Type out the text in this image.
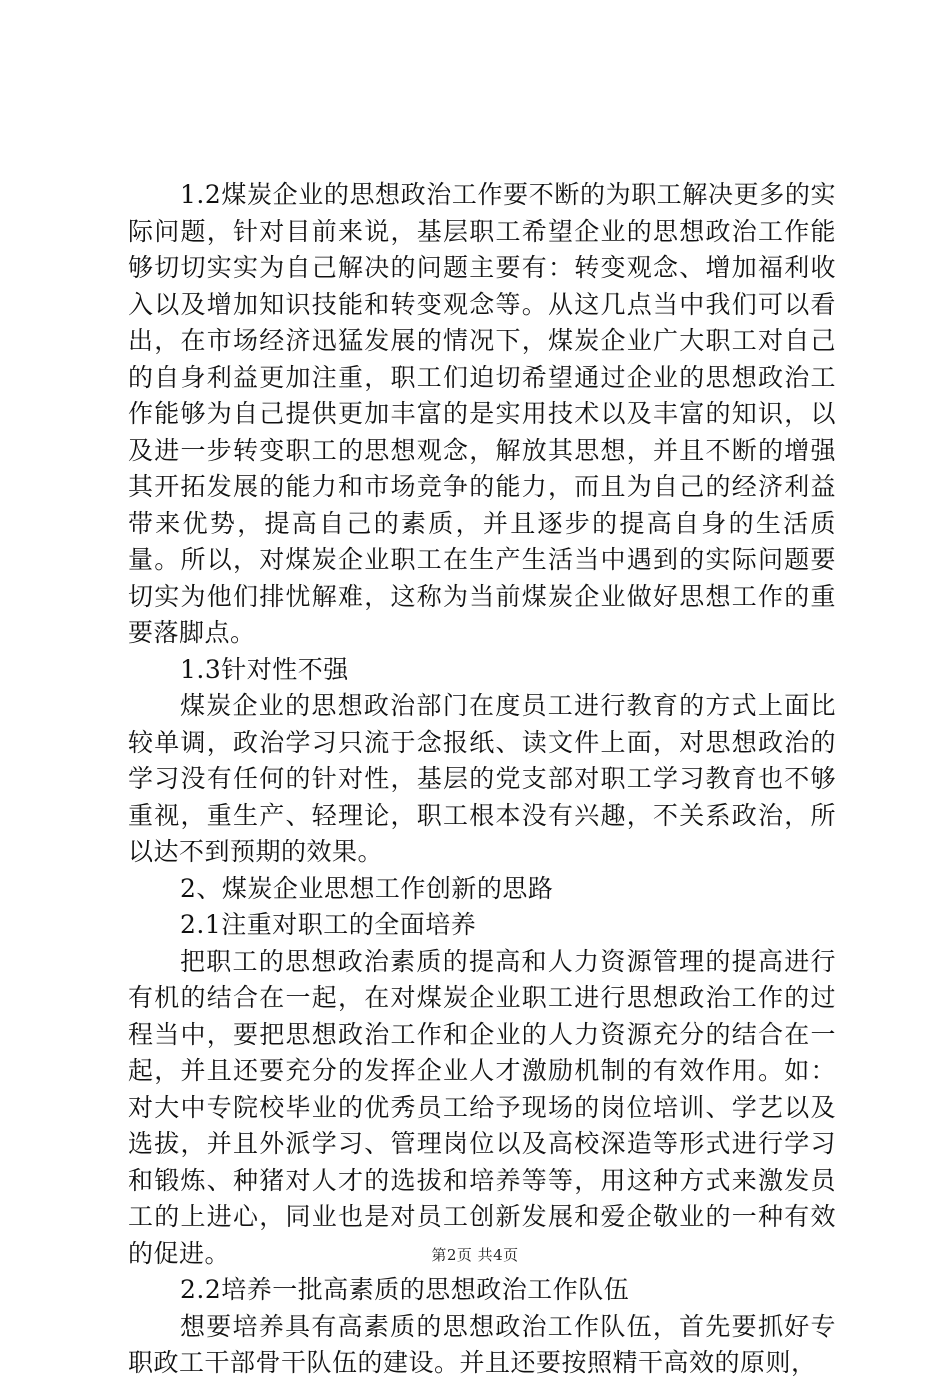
1.2煤炭企业的思想政治工作要不断的为职工解决更多的实际问题，针对目前来说，基层职工希望企业的思想政治工作能够切切实实为自己解决的问题主要有：转变观念、增加福利收入以及增加知识技能和转变观念等。从这几点当中我们可以看出，在市场经济迅猛发展的情况下，煤炭企业广大职工对自己的自身利益更加注重，职工们迫切希望通过企业的思想政治工作能够为自己提供更加丰富的是实用技术以及丰富的知识，以及进一步转变职工的思想观念，解放其思想，并且不断的增强其开拓发展的能力和市场竞争的能力，而且为自己的经济利益带来优势，提高自己的素质，并且逐步的提高自身的生活质量。所以，对煤炭企业职工在生产生活当中遇到的实际问题要切实为他们排忧解难，这称为当前煤炭企业做好思想工作的重要落脚点。

1.3针对性不强

煤炭企业的思想政治部门在度员工进行教育的方式上面比较单调，政治学习只流于念报纸、读文件上面，对思想政治的学习没有任何的针对性，基层的党支部对职工学习教育也不够重视，重生产、轻理论，职工根本没有兴趣，不关系政治，所以达不到预期的效果。

2、煤炭企业思想工作创新的思路

2.1注重对职工的全面培养

把职工的思想政治素质的提高和人力资源管理的提高进行有机的结合在一起，在对煤炭企业职工进行思想政治工作的过程当中，要把思想政治工作和企业的人力资源充分的结合在一起，并且还要充分的发挥企业人才激励机制的有效作用。如：对大中专院校毕业的优秀员工给予现场的岗位培训、学艺以及选拔，并且外派学习、管理岗位以及高校深造等形式进行学习和锻炼、种猪对人才的选拔和培养等等，用这种方式来激发员工的上进心，同业也是对员工创新发展和爱企敬业的一种有效的促进。

2.2培养一批高素质的思想政治工作队伍

想要培养具有高素质的思想政治工作队伍，首先要抓好专职政工干部骨干队伍的建设。并且还要按照精干高效的原则，

第2页 共4页
